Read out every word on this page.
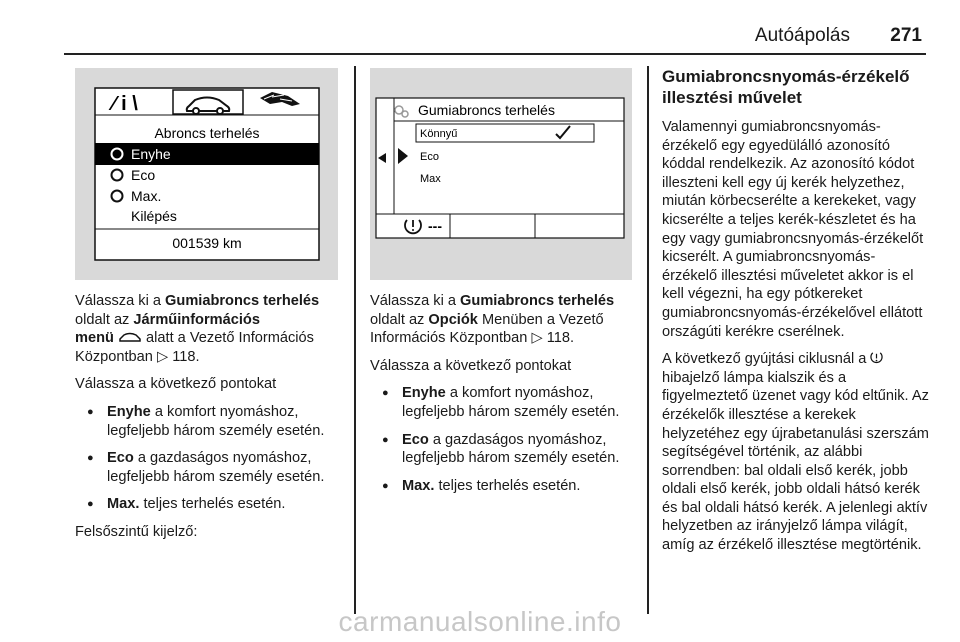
Autóápolás 271
⁄ i \
Abroncs terhelés
Enyhe
Eco
Max.
Kilépés
001539 km
Gumiabroncs terhelés
Könnyű
Eco
Max
---

Válassza ki a Gumiabroncs terhelés
oldalt az Járműinformációs
menü  alatt a Vezető Információs
Központban ▷ 118.

Válassza a következő pontokat

● Enyhe a komfort nyomáshoz, legfeljebb három személy esetén.
● Eco a gazdaságos nyomáshoz, legfeljebb három személy esetén.
● Max. teljes terhelés esetén.

Felsőszintű kijelző:

Válassza ki a Gumiabroncs terhelés
oldalt az Opciók Menüben a Vezető
Információs Központban ▷ 118.

Válassza a következő pontokat

● Enyhe a komfort nyomáshoz, legfeljebb három személy esetén.
● Eco a gazdaságos nyomáshoz, legfeljebb három személy esetén.
● Max. teljes terhelés esetén.
Gumiabroncsnyomás-érzékelő illesztési művelet

Valamennyi gumiabroncsnyomás-érzékelő egy egyedülálló azonosító kóddal rendelkezik. Az azonosító kódot illeszteni kell egy új kerék helyzethez, miután körbecserélte a kerekeket, vagy kicserélte a teljes kerék-készletet és ha egy vagy gumiabroncsnyomás-érzékelőt kicserélt. A gumiabroncsnyomás-érzékelő illesztési műveletet akkor is el kell végezni, ha egy pótkereket gumiabroncsnyomás-érzékelővel ellátott országúti kerékre cserélnek.

A következő gyújtási ciklusnál a  hibajelző lámpa kialszik és a figyelmeztető üzenet vagy kód eltűnik. Az érzékelők illesztése a kerekek helyzetéhez egy újrabetanulási szerszám segítségével történik, az alábbi sorrendben: bal oldali első kerék, jobb oldali első kerék, jobb oldali hátsó kerék és bal oldali hátsó kerék. A jelenlegi aktív helyzetben az irányjelző lámpa világít, amíg az érzékelő illesztése megtörténik.

carmanualsonline.info
